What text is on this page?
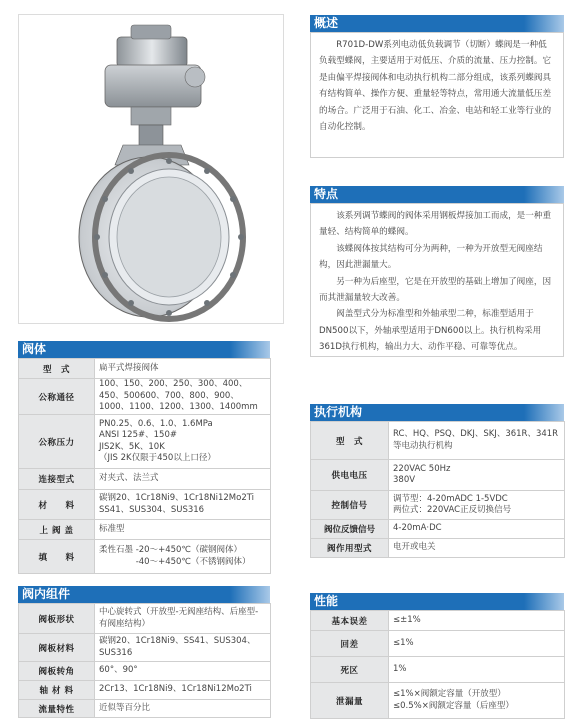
概述

R701D-DW系列电动低负载调节（切断）蝶阀是一种低负载型蝶阀，主要适用于对低压、介质的流量、压力控制。它是由偏平焊接阀体和电动执行机构二部分组成，该系列蝶阀具有结构简单、操作方便、重量轻等特点，常用通大流量低压差的场合。广泛用于石油、化工、冶金、电站和轻工业等行业的自动化控制。

特点

该系列调节蝶阀的阀体采用钢板焊接加工而成，是一种重量轻、结构简单的蝶阀。

该蝶阀体按其结构可分为两种，一种为开放型无阀座结构，因此泄漏量大。

另一种为后座型，它是在开放型的基础上增加了阀座，因而其泄漏量较大改善。

阀盖型式分为标准型和外轴承型二种，标准型适用于DN500以下，外轴承型适用于DN600以上。执行机构采用361D执行机构，输出力大、动作平稳、可靠等优点。

阀体
型　式	扁平式焊接阀体
公称通径	100、150、200、250、300、400、450、500600、700、800、900、1000、1100、1200、1300、1400mm
公称压力	PN0.25、0.6、1.0、1.6MPa
ANSI 125#、150#
JIS2K、5K、10K
（JIS 2K仅限于450以上口径）
连接型式	对夹式、法兰式
材　　料	碳钢20、1Cr18Ni9、1Cr18Ni12Mo2Ti
SS41、SUS304、SUS316
上 阀 盖	标准型
填　　料	柔性石墨 -20～+450℃（碳钢阀体）
　　　　 -40～+450℃（不锈钢阀体）
阀内组件
阀板形状	中心旋转式（开放型-无阀座结构、后座型-有阀座结构）
阀板材料	碳钢20、1Cr18Ni9、SS41、SUS304、SUS316
阀板转角	60°、90°
轴 材 料	2Cr13、1Cr18Ni9、1Cr18Ni12Mo2Ti
流量特性	近似等百分比
执行机构
型　式	RC、HQ、PSQ、DKJ、SKJ、361R、341R等电动执行机构
供电电压	220VAC 50Hz
380V
控制信号	调节型：4-20mADC 1-5VDC
两位式：220VAC正反切换信号
阀位反馈信号	4-20mA·DC
阀作用型式	电开或电关
性能
基本误差	≤±1%
回差	≤1%
死区	1%
泄漏量	≤1%×阀额定容量（开放型）
≤0.5%×阀额定容量（后座型）
